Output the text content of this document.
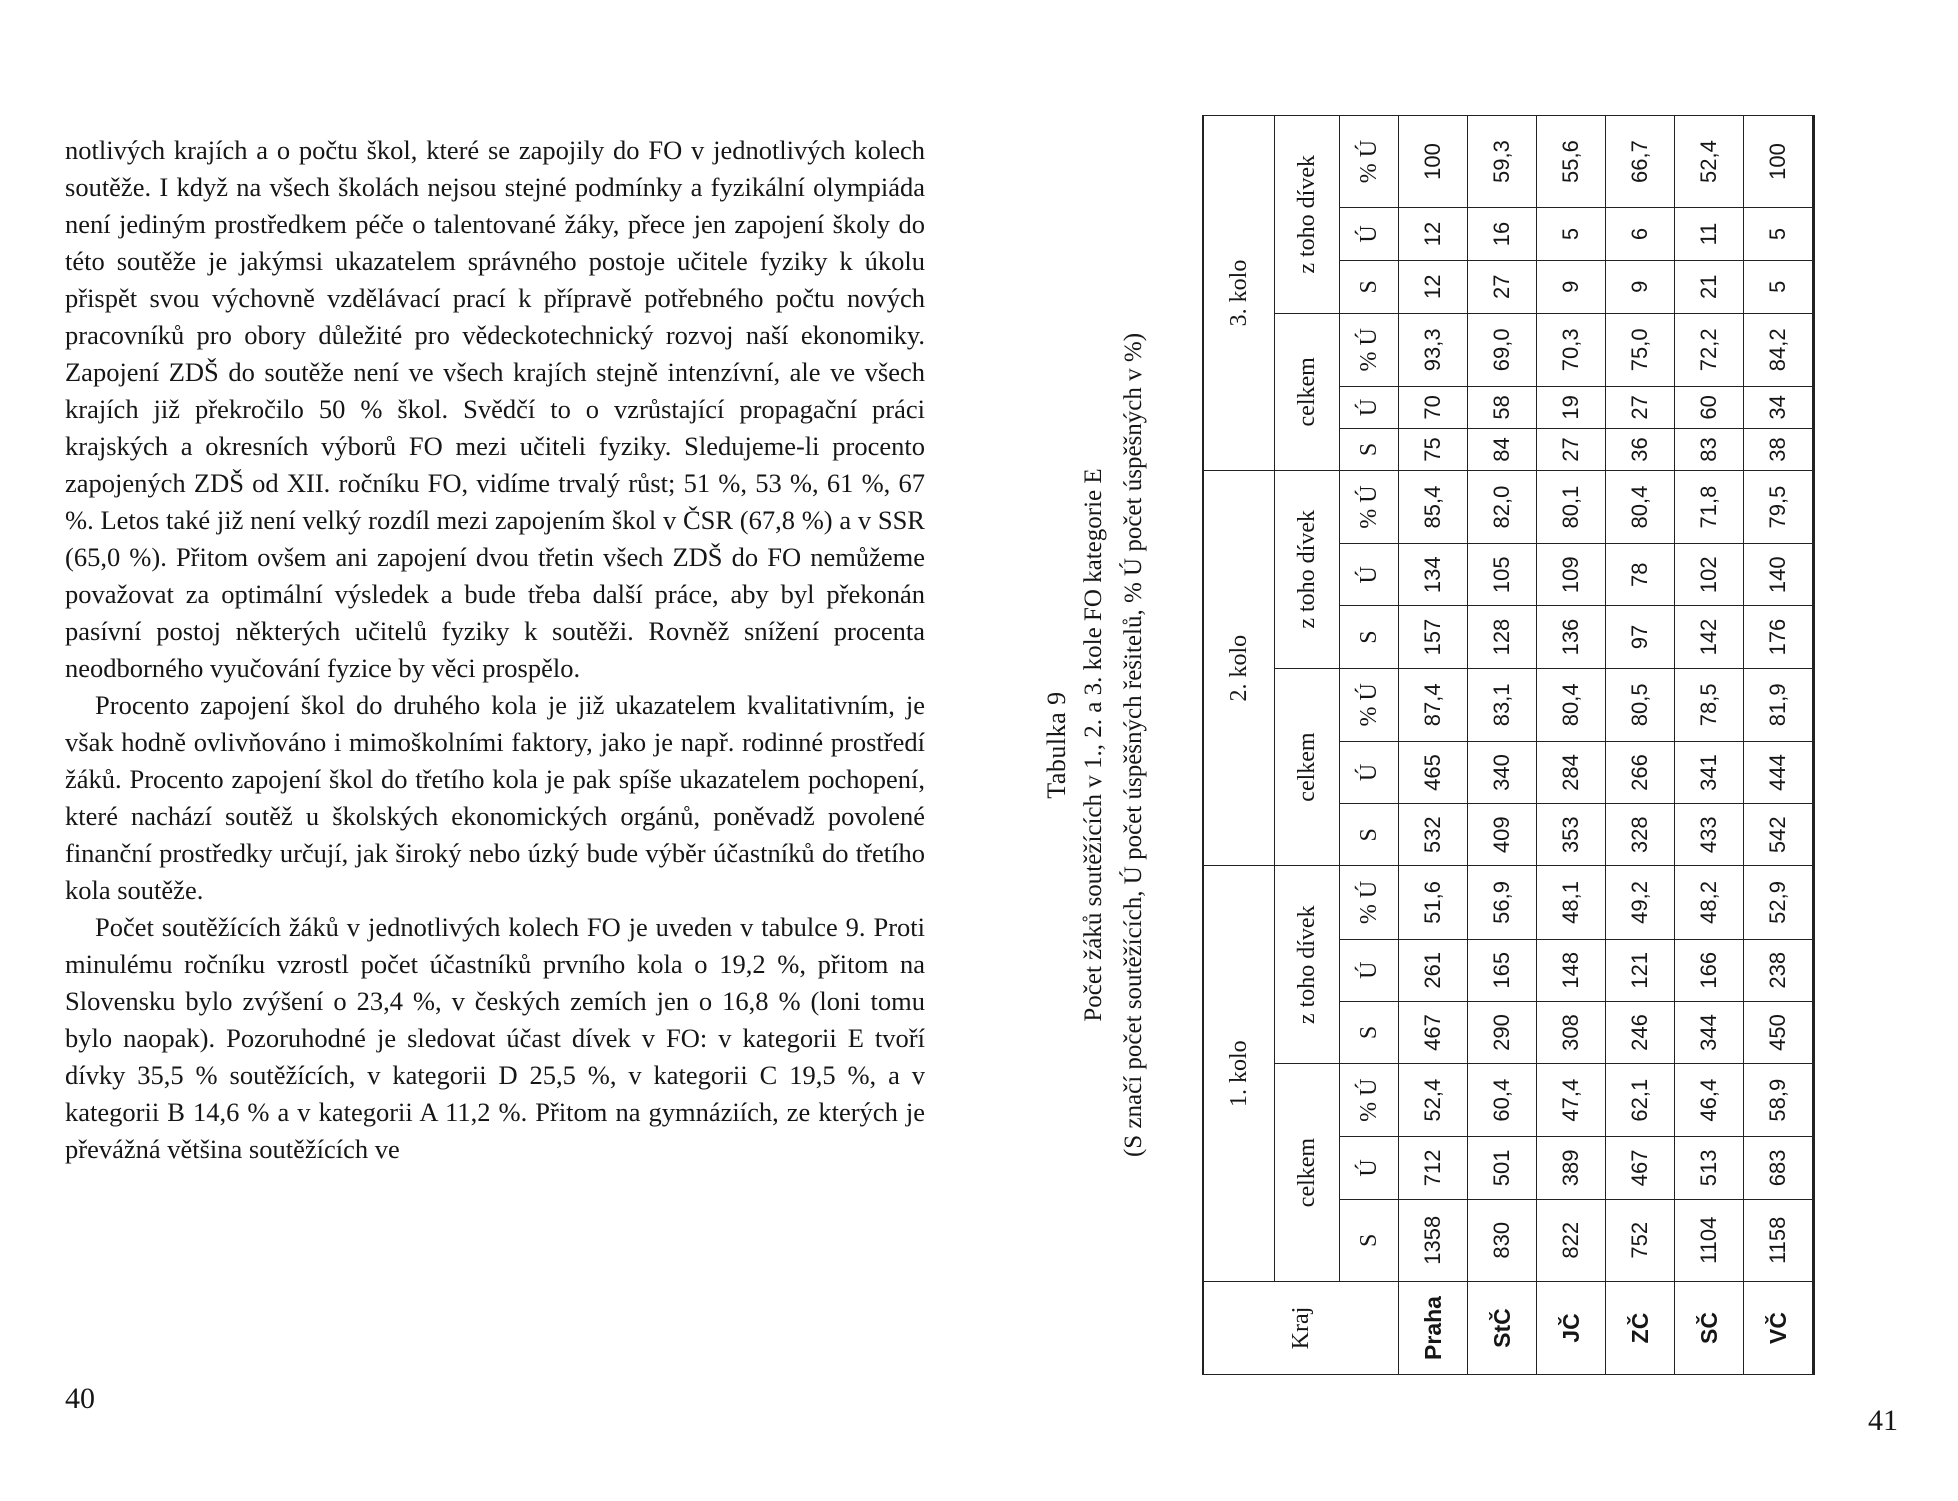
notlivých krajích a o počtu škol, které se zapojily do FO v jednotlivých kolech soutěže. I když na všech školách nejsou stejné podmínky a fyzikální olympiáda není jediným prostředkem péče o talentované žáky, přece jen zapojení školy do této soutěže je jakýmsi ukazatelem správného postoje učitele fyziky k úkolu přispět svou výchovně vzdělávací prací k přípravě potřebného počtu nových pracovníků pro obory důležité pro vědeckotechnický rozvoj naší ekonomiky. Zapojení ZDŠ do soutěže není ve všech krajích stejně intenzívní, ale ve všech krajích již překročilo 50 % škol. Svědčí to o vzrůstající propagační práci krajských a okresních výborů FO mezi učiteli fyziky. Sledujeme-li procento zapojených ZDŠ od XII. ročníku FO, vidíme trvalý růst; 51 %, 53 %, 61 %, 67 %. Letos také již není velký rozdíl mezi zapojením škol v ČSR (67,8 %) a v SSR (65,0 %). Přitom ovšem ani zapojení dvou třetin všech ZDŠ do FO nemůžeme považovat za optimální výsledek a bude třeba další práce, aby byl překonán pasívní postoj některých učitelů fyziky k soutěži. Rovněž snížení procenta neodborného vyučování fyzice by věci prospělo.

Procento zapojení škol do druhého kola je již ukazatelem kvalitativním, je však hodně ovlivňováno i mimoškolními faktory, jako je např. rodinné prostředí žáků. Procento zapojení škol do třetího kola je pak spíše ukazatelem pochopení, které nachází soutěž u školských ekonomických orgánů, poněvadž povolené finanční prostředky určují, jak široký nebo úzký bude výběr účastníků do třetího kola soutěže.

Počet soutěžících žáků v jednotlivých kolech FO je uveden v tabulce 9. Proti minulému ročníku vzrostl počet účastníků prvního kola o 19,2 %, přitom na Slovensku bylo zvýšení o 23,4 %, v českých zemích jen o 16,8 % (loni tomu bylo naopak). Pozoruhodné je sledovat účast dívek v FO: v kategorii E tvoří dívky 35,5 % soutěžících, v kategorii D 25,5 %, v kategorii C 19,5 %, a v kategorii B 14,6 % a v kategorii A 11,2 %. Přitom na gymnáziích, ze kterých je převážná většina soutěžících ve

40
Tabulka 9 Počet žáků soutěžících v 1., 2. a 3. kole FO kategorie E (S značí počet soutěžících, Ú počet úspěšných řešitelů, % Ú počet úspěšných v %)
Kraj	1. kolo						2. kolo						3. kolo					
	celkem			z toho dívek			celkem			z toho dívek			celkem			z toho dívek		
	S	Ú	% Ú	S	Ú	% Ú	S	Ú	% Ú	S	Ú	% Ú	S	Ú	% Ú	S	Ú	% Ú
Praha	1358	712	52,4	467	261	51,6	532	465	87,4	157	134	85,4	75	70	93,3	12	12	100
StČ	830	501	60,4	290	165	56,9	409	340	83,1	128	105	82,0	84	58	69,0	27	16	59,3
JČ	822	389	47,4	308	148	48,1	353	284	80,4	136	109	80,1	27	19	70,3	9	5	55,6
ZČ	752	467	62,1	246	121	49,2	328	266	80,5	97	78	80,4	36	27	75,0	9	6	66,7
SČ	1104	513	46,4	344	166	48,2	433	341	78,5	142	102	71,8	83	60	72,2	21	11	52,4
VČ	1158	683	58,9	450	238	52,9	542	444	81,9	176	140	79,5	38	34	84,2	5	5	100
41
